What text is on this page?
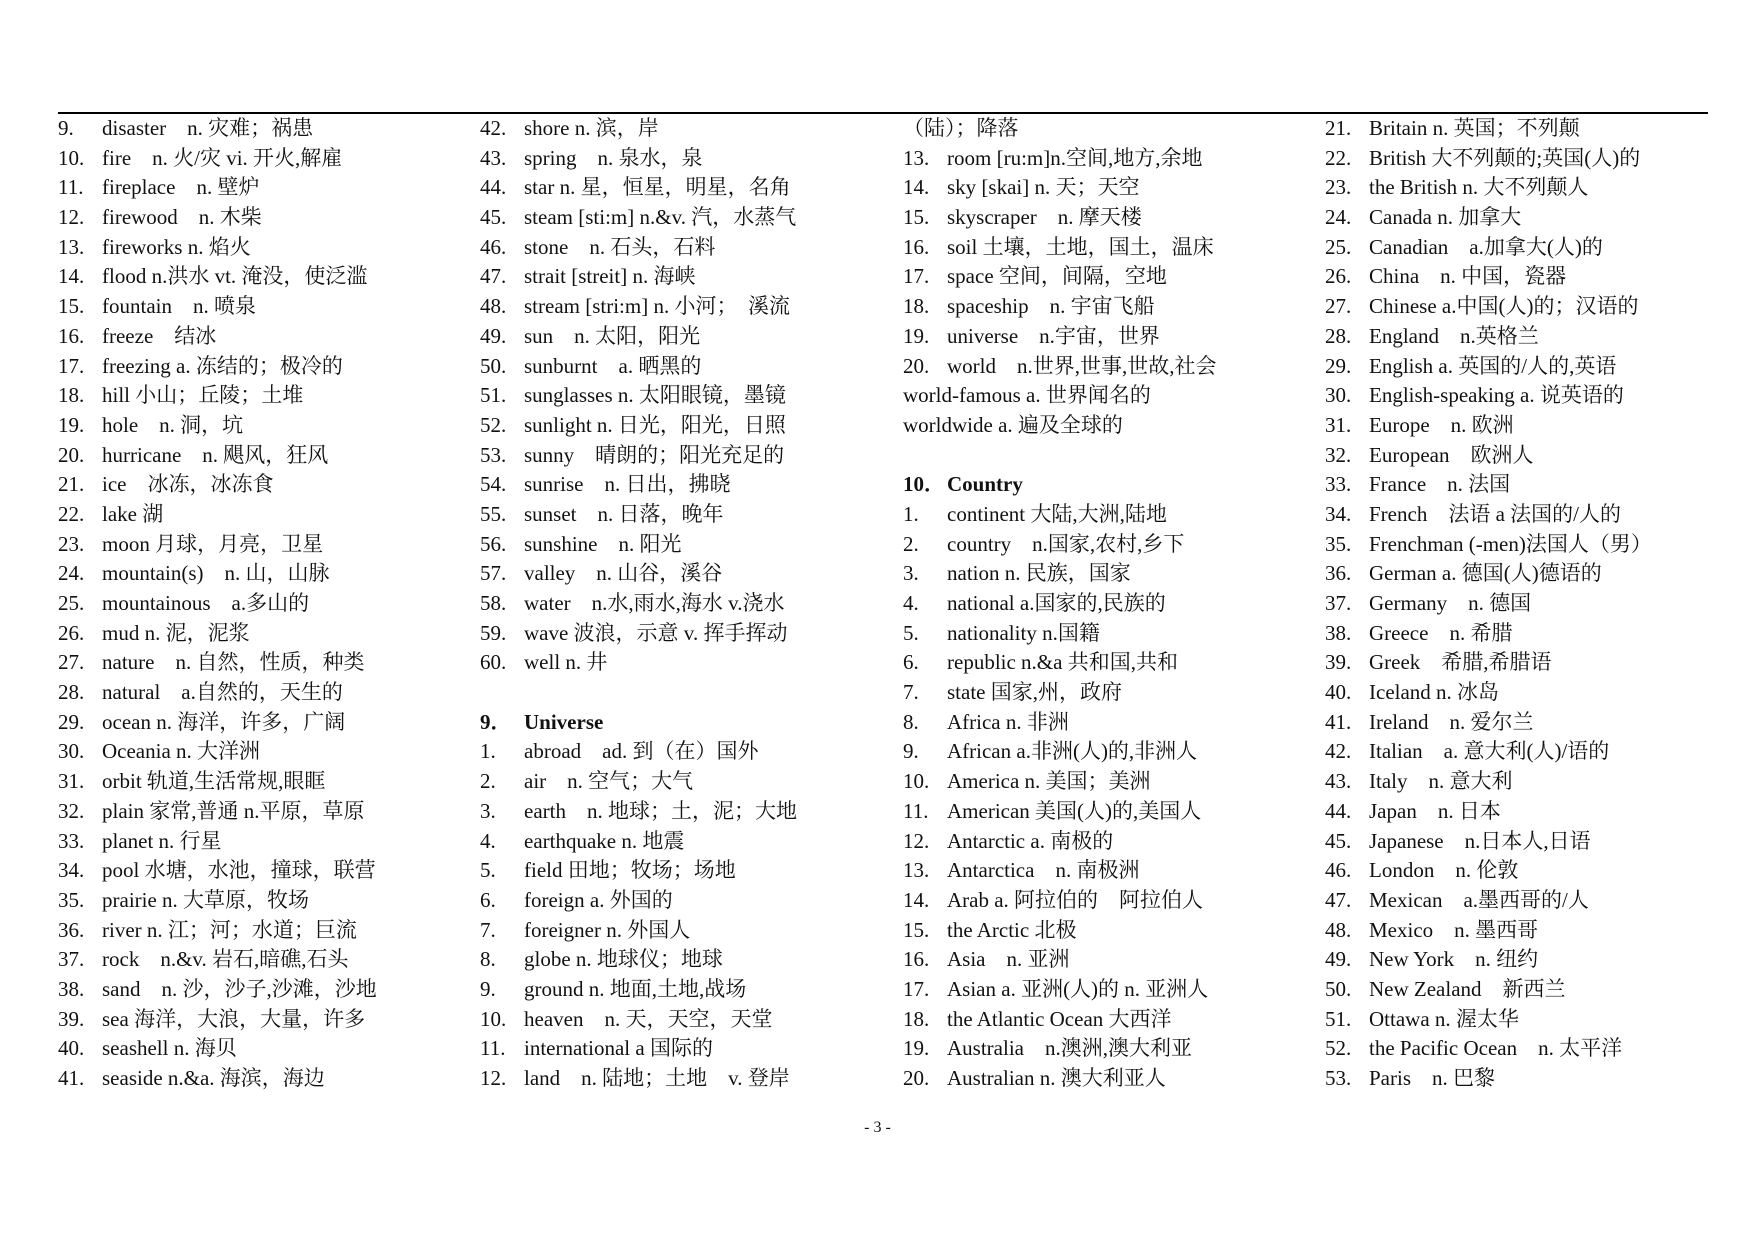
9.	disaster　n. 灾难；祸患
10. fire　n. 火/灾 vi. 开火,解雇
11. fireplace　n. 壁炉
12. firewood　n. 木柴
13. fireworks n. 焰火
14. flood n.洪水 vt. 淹没，使泛滥
15. fountain　n. 喷泉
16. freeze　结冰
17. freezing a. 冻结的；极冷的
18. hill 小山；丘陵；土堆
19. hole　n. 洞，坑
20. hurricane　n. 飓风，狂风
21. ice　冰冻，冰冻食
22. lake 湖
23. moon 月球，月亮，卫星
24. mountain(s)　n. 山，山脉
25. mountainous　a.多山的
26. mud n. 泥，泥浆
27. nature　n. 自然，性质，种类
28. natural　a.自然的，天生的
29. ocean n. 海洋，许多，广阔
30. Oceania n. 大洋洲
31. orbit 轨道,生活常规,眼眶
32. plain 家常,普通 n.平原，草原
33. planet n. 行星
34. pool 水塘，水池，撞球，联营
35. prairie n. 大草原，牧场
36. river n. 江；河；水道；巨流
37. rock　n.&v. 岩石,暗礁,石头
38. sand　n. 沙，沙子,沙滩，沙地
39. sea 海洋，大浪，大量，许多
40. seashell n. 海贝
41. seaside n.&a. 海滨，海边
42. shore n. 滨，岸
43. spring　n. 泉水，泉
44. star n. 星，恒星，明星，名角
45. steam [sti:m] n.&v. 汽，水蒸气
46. stone　n. 石头，石料
47. strait [streit] n. 海峡
48. stream [stri:m] n. 小河；　溪流
49. sun　n. 太阳，阳光
50. sunburnt　a. 晒黑的
51. sunglasses n. 太阳眼镜，墨镜
52. sunlight n. 日光，阳光，日照
53. sunny　晴朗的；阳光充足的
54. sunrise　n. 日出，拂晓
55. sunset　n. 日落，晚年
56. sunshine　n. 阳光
57. valley　n. 山谷，溪谷
58. water　n.水,雨水,海水 v.浇水
59. wave 波浪，示意 v. 挥手挥动
60. well n. 井
9． Universe
1.	abroad　ad. 到（在）国外
2.	air　n. 空气；大气
3.	earth　n. 地球；土，泥；大地
4.	earthquake n. 地震
5.	field 田地；牧场；场地
6.	foreign a. 外国的
7.	foreigner n. 外国人
8.	globe n. 地球仪；地球
9.	ground n. 地面,土地,战场
10. heaven　n. 天，天空，天堂
11. international a 国际的
12. land　n. 陆地；土地　v. 登岸
（陆）；降落
13. room [ru:m]n.空间,地方,余地
14. sky [skai] n. 天；天空
15. skyscraper　n. 摩天楼
16. soil 土壤，土地，国土，温床
17. space 空间，间隔，空地
18. spaceship　n. 宇宙飞船
19. universe　n.宇宙，世界
20. world　n.世界,世事,世故,社会
world-famous a. 世界闻名的
worldwide a. 遍及全球的
10． Country
1.	continent 大陆,大洲,陆地
2.	country　n.国家,农村,乡下
3.	nation n. 民族，国家
4.	national a.国家的,民族的
5.	nationality n.国籍
6.	republic n.&a 共和国,共和
7.	state 国家,州，政府
8.	Africa n. 非洲
9.	African a.非洲(人)的,非洲人
10. America n. 美国；美洲
11. American 美国(人)的,美国人
12. Antarctic a. 南极的
13. Antarctica　n. 南极洲
14. Arab a. 阿拉伯的　阿拉伯人
15. the Arctic 北极
16. Asia　n. 亚洲
17. Asian a. 亚洲(人)的 n. 亚洲人
18. the Atlantic Ocean 大西洋
19. Australia　n.澳洲,澳大利亚
20. Australian n. 澳大利亚人
21. Britain n. 英国；不列颠
22. British 大不列颠的;英国(人)的
23. the British n. 大不列颠人
24. Canada n. 加拿大
25. Canadian　a.加拿大(人)的
26. China　n. 中国，瓷器
27. Chinese a.中国(人)的；汉语的
28. England　n.英格兰
29. English a. 英国的/人的,英语
30. English-speaking a. 说英语的
31. Europe　n. 欧洲
32. European　欧洲人
33. France　n. 法国
34. French　法语 a 法国的/人的
35. Frenchman (-men)法国人（男）
36. German a. 德国(人)德语的
37. Germany　n. 德国
38. Greece　n. 希腊
39. Greek　希腊,希腊语
40. Iceland n. 冰岛
41. Ireland　n. 爱尔兰
42. Italian　a. 意大利(人)/语的
43. Italy　n. 意大利
44. Japan　n. 日本
45. Japanese　n.日本人,日语
46. London　n. 伦敦
47. Mexican　a.墨西哥的/人
48. Mexico　n. 墨西哥
49. New York　n. 纽约
50. New Zealand　新西兰
51. Ottawa n. 渥太华
52. the Pacific Ocean　n. 太平洋
53. Paris　n. 巴黎
- 3 -
